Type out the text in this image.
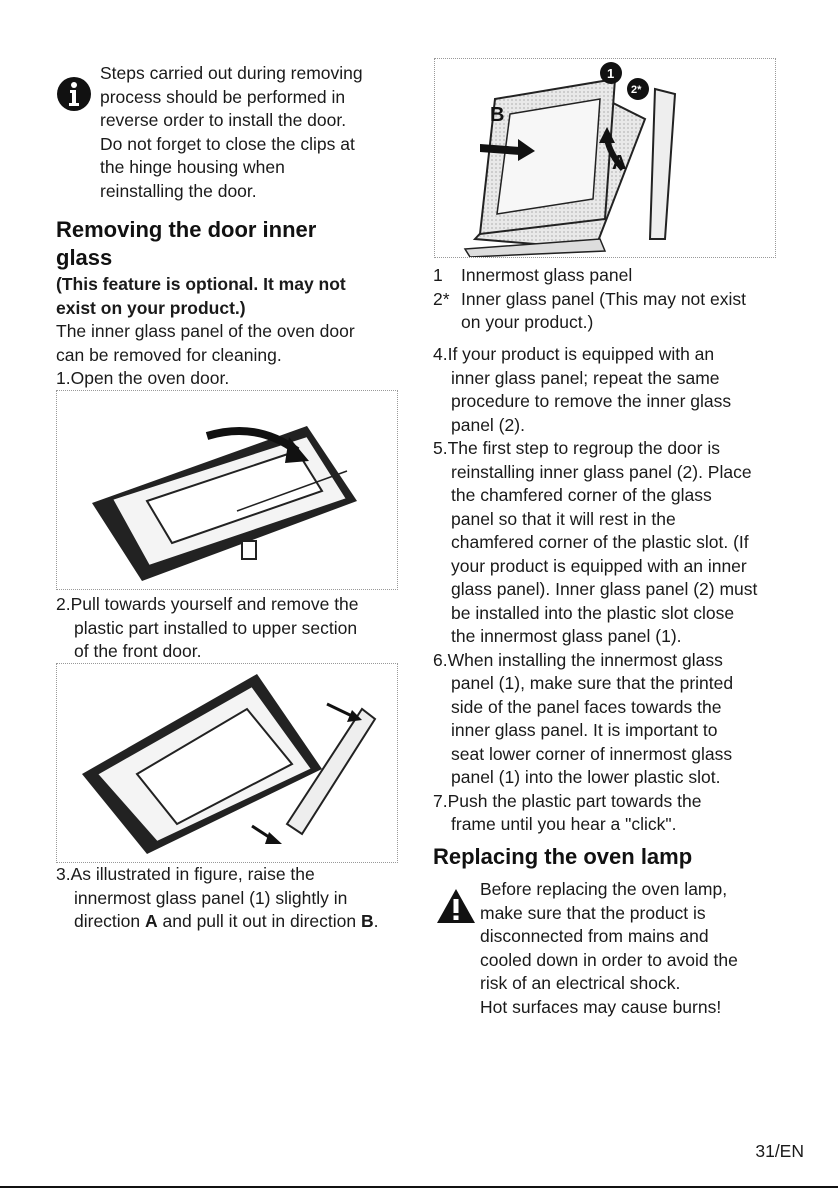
Steps carried out during removing
process should be performed in
reverse order to install the door.
Do not forget to close the clips at
the hinge housing when
reinstalling the door.
Removing the door inner
glass
(This feature is optional. It may not
exist on your product.)
The inner glass panel of the oven door
can be removed for cleaning.
1.Open the oven door.
2.Pull towards yourself and remove the
plastic part installed to upper section
of the front door.
3.As illustrated in figure, raise the
innermost glass panel (1) slightly in
direction A and pull it out in direction B.
B
A
1
2*
1	Innermost glass panel
2* Inner glass panel (This may not exist
on your product.)
4.If your product is equipped with an
inner glass panel; repeat the same
procedure to remove the inner glass
panel (2).
5.The first step to regroup the door is
reinstalling inner glass panel (2). Place
the chamfered corner of the glass
panel so that it will rest in the
chamfered corner of the plastic slot. (If
your product is equipped with an inner
glass panel). Inner glass panel (2) must
be installed into the plastic slot close
the innermost glass panel (1).
6.When installing the innermost glass
panel (1), make sure that the printed
side of the panel faces towards the
inner glass panel. It is important to
seat lower corner of innermost glass
panel (1) into the lower plastic slot.
7.Push the plastic part towards the
frame until you hear a "click".
Replacing the oven lamp
Before replacing the oven lamp,
make sure that the product is
disconnected from mains and
cooled down in order to avoid the
risk of an electrical shock.
Hot surfaces may cause burns!
31/EN
